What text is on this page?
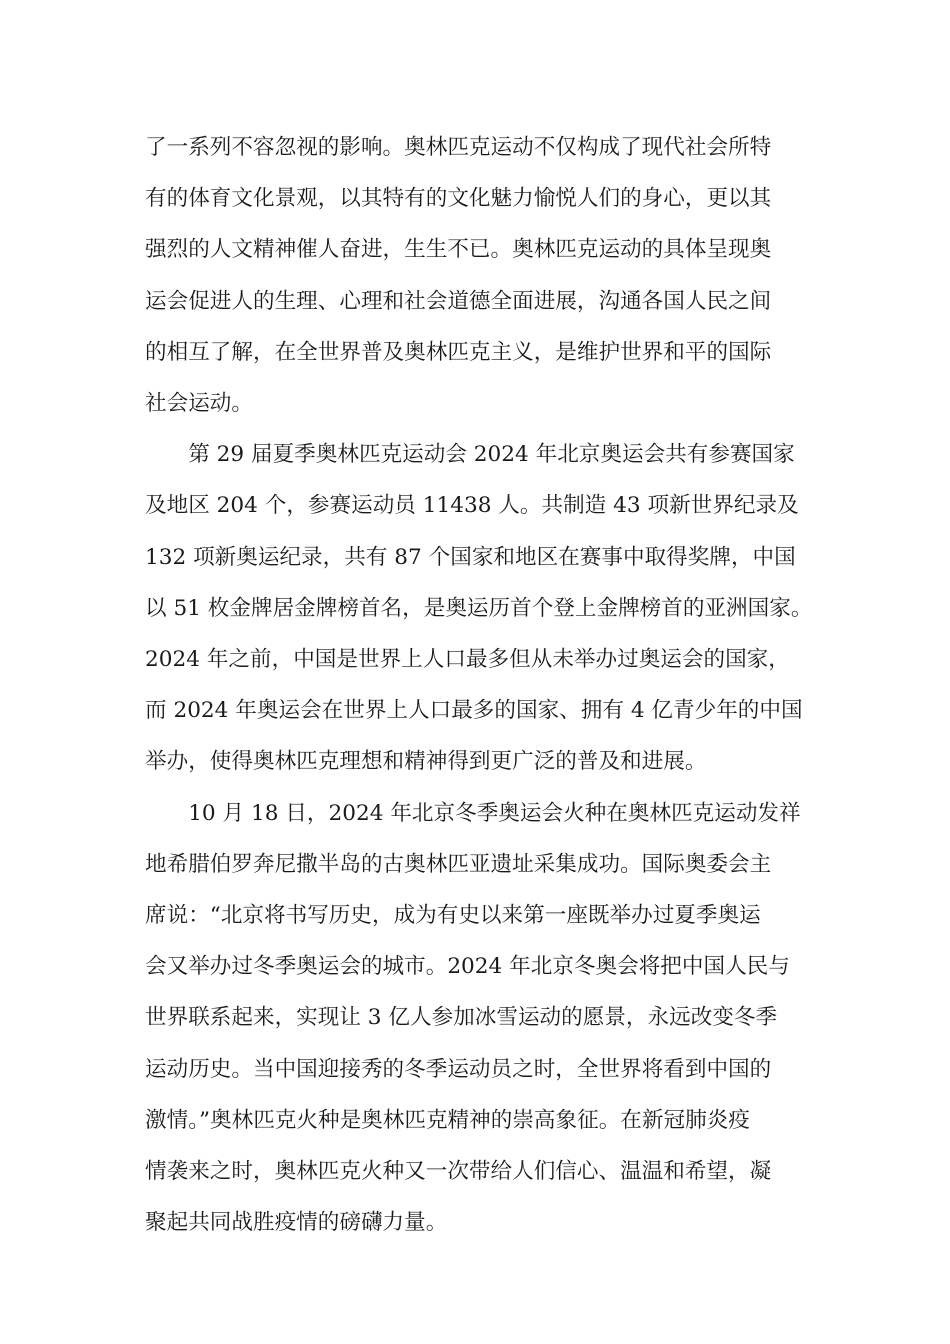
了一系列不容忽视的影响。奥林匹克运动不仅构成了现代社会所特
有的体育文化景观，以其特有的文化魅力愉悦人们的身心，更以其
强烈的人文精神催人奋进，生生不已。奥林匹克运动的具体呈现奥
运会促进人的生理、心理和社会道德全面进展，沟通各国人民之间
的相互了解，在全世界普及奥林匹克主义，是维护世界和平的国际
社会运动。
第 29 届夏季奥林匹克运动会 2024 年北京奥运会共有参赛国家
及地区 204 个，参赛运动员 11438 人。共制造 43 项新世界纪录及
132 项新奥运纪录，共有 87 个国家和地区在赛事中取得奖牌，中国
以 51 枚金牌居金牌榜首名，是奥运历首个登上金牌榜首的亚洲国家。
2024 年之前，中国是世界上人口最多但从未举办过奥运会的国家，
而 2024 年奥运会在世界上人口最多的国家、拥有 4 亿青少年的中国
举办，使得奥林匹克理想和精神得到更广泛的普及和进展。
10 月 18 日，2024 年北京冬季奥运会火种在奥林匹克运动发祥
地希腊伯罗奔尼撒半岛的古奥林匹亚遗址采集成功。国际奥委会主
席说：“北京将书写历史，成为有史以来第一座既举办过夏季奥运
会又举办过冬季奥运会的城市。2024 年北京冬奥会将把中国人民与
世界联系起来，实现让 3 亿人参加冰雪运动的愿景，永远改变冬季
运动历史。当中国迎接秀的冬季运动员之时，全世界将看到中国的
激情。”奥林匹克火种是奥林匹克精神的崇高象征。在新冠肺炎疫
情袭来之时，奥林匹克火种又一次带给人们信心、温温和希望，凝
聚起共同战胜疫情的磅礴力量。
